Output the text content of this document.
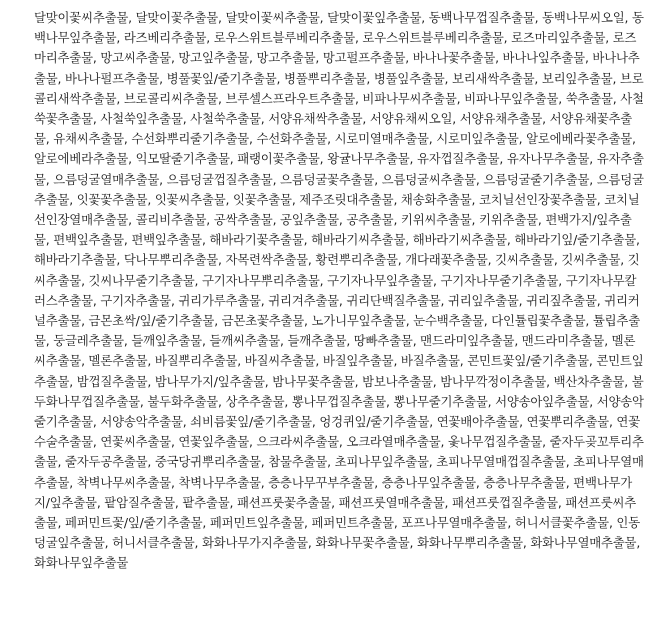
달맞이꽃씨추출물, 달맞이꽃추출물, 달맞이꽃씨추출물, 달맞이꽃잎추출물, 동백나무껍질추출물, 동백나무씨오일, 동백나무잎추출물, 라즈베리추출물, 로우스위트블루베리추출물, 로우스위트블루베리추출물, 로즈마리잎추출물, 로즈마리추출물, 망고씨추출물, 망고잎추출물, 망고추출물, 망고펄프추출물, 바나나꽃추출물, 바나나잎추출물, 바나나추출물, 바나나펄프추출물, 병풀꽃잎/줄기추출물, 병풀뿌리추출물, 병풀잎추출물, 보리새싹추출물, 보리잎추출물, 브로콜리새싹추출물, 브로콜리씨추출물, 브루셀스프라우트추출물, 비파나무씨추출물, 비파나무잎추출물, 쑥추출물, 사철쑥꽃추출물, 사철쑥잎추출물, 사철쑥추출물, 서양유채싹추출물, 서양유채씨오일, 서양유채추출물, 서양유채꽃추출물, 유채씨추출물, 수선화뿌리줄기추출물, 수선화추출물, 시로미열매추출물, 시로미잎추출물, 알로에베라꽃추출물, 알로에베라추출물, 익모딸줄기추출물, 패랭이꽃추출물, 왕귤나무추출물, 유자껍질추출물, 유자나무추출물, 유자추출물, 으름덩굴열매추출물, 으름덩굴껍질추출물, 으름덩굴꽃추출물, 으름덩굴씨추출물, 으름덩굴줄기추출물, 으름덩굴추출물, 잇꽃꽃추출물, 잇꽃씨추출물, 잇꽃추출물, 제주조릿대추출물, 채송화추출물, 코치닐선인장꽃추출물, 코치닐선인장열매추출물, 콜리비추출물, 공싹추출물, 공잎추출물, 공추출물, 키위씨추출물, 키위추출물, 편백가지/잎추출물, 편백잎추출물, 편백잎추출물, 해바라기꽃추출물, 해바라기씨추출물, 해바라기씨추출물, 해바라기잎/줄기추출물, 해바라기추출물, 닥나무뿌리추출물, 자목련싹추출물, 황련뿌리추출물, 개다래꽃추출물, 깃씨추출물, 깃씨추출물, 깃씨추출물, 깃씨나무줄기추출물, 구기자나무뿌리추출물, 구기자나무잎추출물, 구기자나무줄기추출물, 구기자나무칼러스추출물, 구기자추출물, 귀리가루추출물, 귀리겨추출물, 귀리단백질추출물, 귀리잎추출물, 귀리짚추출물, 귀리커널추출물, 금몬초싹/잎/줄기추출물, 금몬초꽃추출물, 노가니무잎추출물, 눈수백추출물, 다인튤립꽃추출물, 튤립추출물, 둥글레추출물, 들깨잎추출물, 들깨씨추출물, 들깨추출물, 땅빠추출물, 맨드라미잎추출물, 맨드라미추출물, 멜론씨추출물, 멜론추출물, 바질뿌리추출물, 바질씨추출물, 바질잎추출물, 바질추출물, 콘민트꽃잎/줄기추출물, 콘민트잎추출물, 밤껍질추출물, 밤나무가지/잎추출물, 밤나무꽃추출물, 밤보나추출물, 밤나무깍정이추출물, 백산차추출물, 불두화나무껍질추출물, 불두화추출물, 상추추출물, 뽕나무껍질추출물, 뽕나무줄기추출물, 서양송아잎추출물, 서양송악줄기추출물, 서양송악추출물, 쇠비름꽃잎/줄기추출물, 엉겅퀴잎/줄기추출물, 연꽃배아추출물, 연꽃뿌리추출물, 연꽃수술추출물, 연꽃씨추출물, 연꽃잎추출물, 으크라씨추출물, 오크라열매추출물, 옻나무껍질추출물, 줄자두곶꼬투리추출물, 줄자두공추출물, 중국당귀뿌리추출물, 참물추출물, 초피나무잎추출물, 초피나무열매껍질추출물, 초피나무열매추출물, 착벽나무씨추출물, 착벽나무추출물, 층층나무꾸부추출물, 층층나무잎추출물, 층층나무추출물, 편백나무가지/잎추출물, 팥암질추출물, 팥추출물, 패션프룻꽃추출물, 패션프룻열매추출물, 패션프룻껍질추출물, 패션프룻씨추출물, 페퍼민트꽃/잎/줄기추출물, 페퍼민트잎추출물, 페퍼민트추출물, 포프나무열매추출물, 허니서클꽃추출물, 인동덩굴잎추출물, 허니서클추출물, 화화나무가지추출물, 화화나무꽃추출물, 화화나무뿌리추출물, 화화나무열매추출물, 화화나무잎추출물
